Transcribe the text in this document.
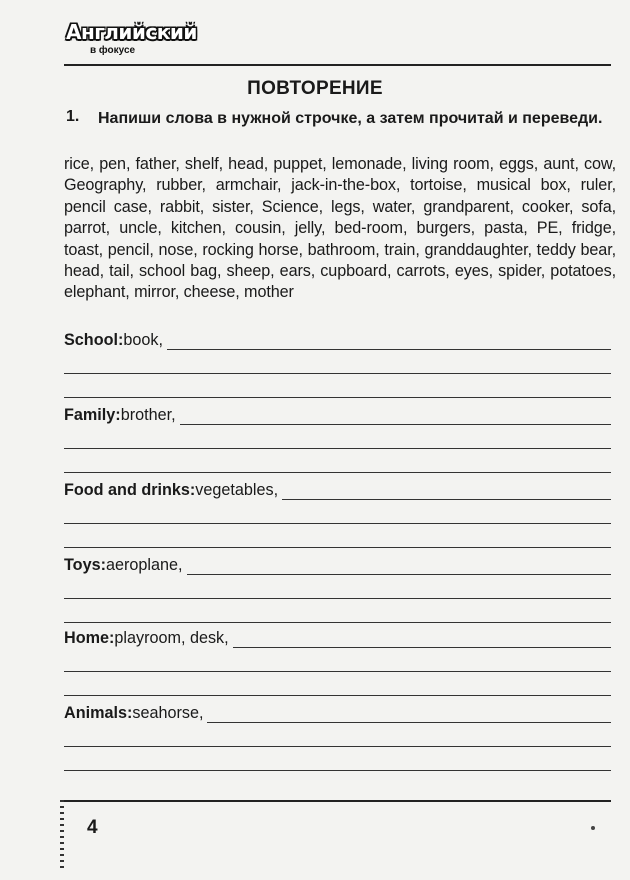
Английский
в фокусе
ПОВТОРЕНИЕ
1. Напиши слова в нужной строчке, а затем прочитай и переведи.
rice, pen, father, shelf, head, puppet, lemonade, living room, eggs, aunt, cow, Geography, rubber, armchair, jack-in-the-box, tortoise, musical box, ruler, pencil case, rabbit, sister, Science, legs, water, grandparent, cooker, sofa, parrot, uncle, kitchen, cousin, jelly, bed-room, burgers, pasta, PE, fridge, toast, pencil, nose, rocking horse, bathroom, train, granddaughter, teddy bear, head, tail, school bag, sheep, ears, cupboard, carrots, eyes, spider, potatoes, elephant, mirror, cheese, mother
School: book,
Family: brother,
Food and drinks: vegetables,
Toys: aeroplane,
Home: playroom, desk,
Animals: seahorse,
4
